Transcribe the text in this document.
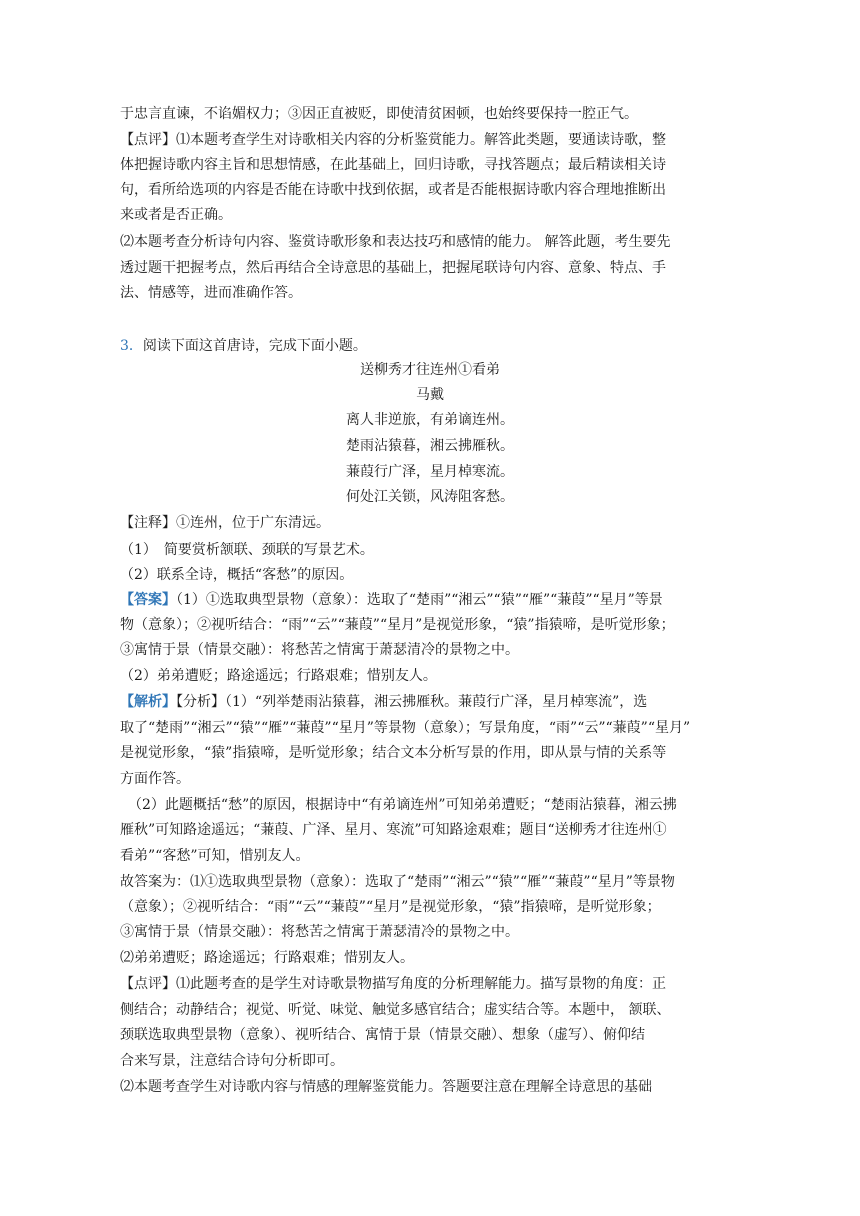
于忠言直谏，不谄媚权力；③因正直被贬，即使清贫困顿，也始终要保持一腔正气。
【点评】⑴本题考查学生对诗歌相关内容的分析鉴赏能力。解答此类题，要通读诗歌，整
体把握诗歌内容主旨和思想情感，在此基础上，回归诗歌，寻找答题点；最后精读相关诗
句，看所给选项的内容是否能在诗歌中找到依据，或者是否能根据诗歌内容合理地推断出
来或者是否正确。
⑵本题考查分析诗句内容、鉴赏诗歌形象和表达技巧和感情的能力。 解答此题，考生要先
透过题干把握考点，然后再结合全诗意思的基础上，把握尾联诗句内容、意象、特点、手
法、情感等，进而准确作答。
3．阅读下面这首唐诗，完成下面小题。
送柳秀才往连州①看弟
马戴
离人非逆旅，有弟谪连州。
楚雨沾猿暮，湘云拂雁秋。
蒹葭行广泽，星月棹寒流。
何处江关锁，风涛阻客愁。
【注释】①连州，位于广东清远。
（1）　简要赏析颔联、颈联的写景艺术。
（2）联系全诗，概括“客愁”的原因。
【答案】（1）①选取典型景物（意象）：选取了“楚雨”“湘云”“猿”“雁”“蒹葭”“星月”等景
物（意象）；②视听结合：“雨”“云”“蒹葭”“星月”是视觉形象，“猿”指猿啼，是听觉形象；
③寓情于景（情景交融）：将愁苦之情寓于萧瑟清冷的景物之中。
（2）弟弟遭贬；路途遥远；行路艰难；惜别友人。
【解析】【分析】（1）“列举楚雨沾猿暮，湘云拂雁秋。蒹葭行广泽，星月棹寒流”，选
取了“楚雨”“湘云”“猿”“雁”“蒹葭”“星月”等景物（意象）；写景角度，“雨”“云”“蒹葭”“星月”
是视觉形象，“猿”指猿啼，是听觉形象；结合文本分析写景的作用，即从景与情的关系等
方面作答。
（2）此题概括“愁”的原因，根据诗中“有弟谪连州”可知弟弟遭贬；“楚雨沾猿暮，湘云拂
雁秋”可知路途遥远；“蒹葭、广泽、星月、寒流”可知路途艰难；题目“送柳秀才往连州①
看弟”“客愁”可知，惜别友人。
故答案为：⑴①选取典型景物（意象）：选取了“楚雨”“湘云”“猿”“雁”“蒹葭”“星月”等景物
（意象）；②视听结合：“雨”“云”“蒹葭”“星月”是视觉形象，“猿”指猿啼，是听觉形象；
③寓情于景（情景交融）：将愁苦之情寓于萧瑟清冷的景物之中。
⑵弟弟遭贬；路途遥远；行路艰难；惜别友人。
【点评】⑴此题考查的是学生对诗歌景物描写角度的分析理解能力。描写景物的角度：正
侧结合；动静结合；视觉、听觉、味觉、触觉多感官结合；虚实结合等。本题中， 颔联、
颈联选取典型景物（意象）、视听结合、寓情于景（情景交融）、想象（虚写）、俯仰结
合来写景，注意结合诗句分析即可。
⑵本题考查学生对诗歌内容与情感的理解鉴赏能力。答题要注意在理解全诗意思的基础
